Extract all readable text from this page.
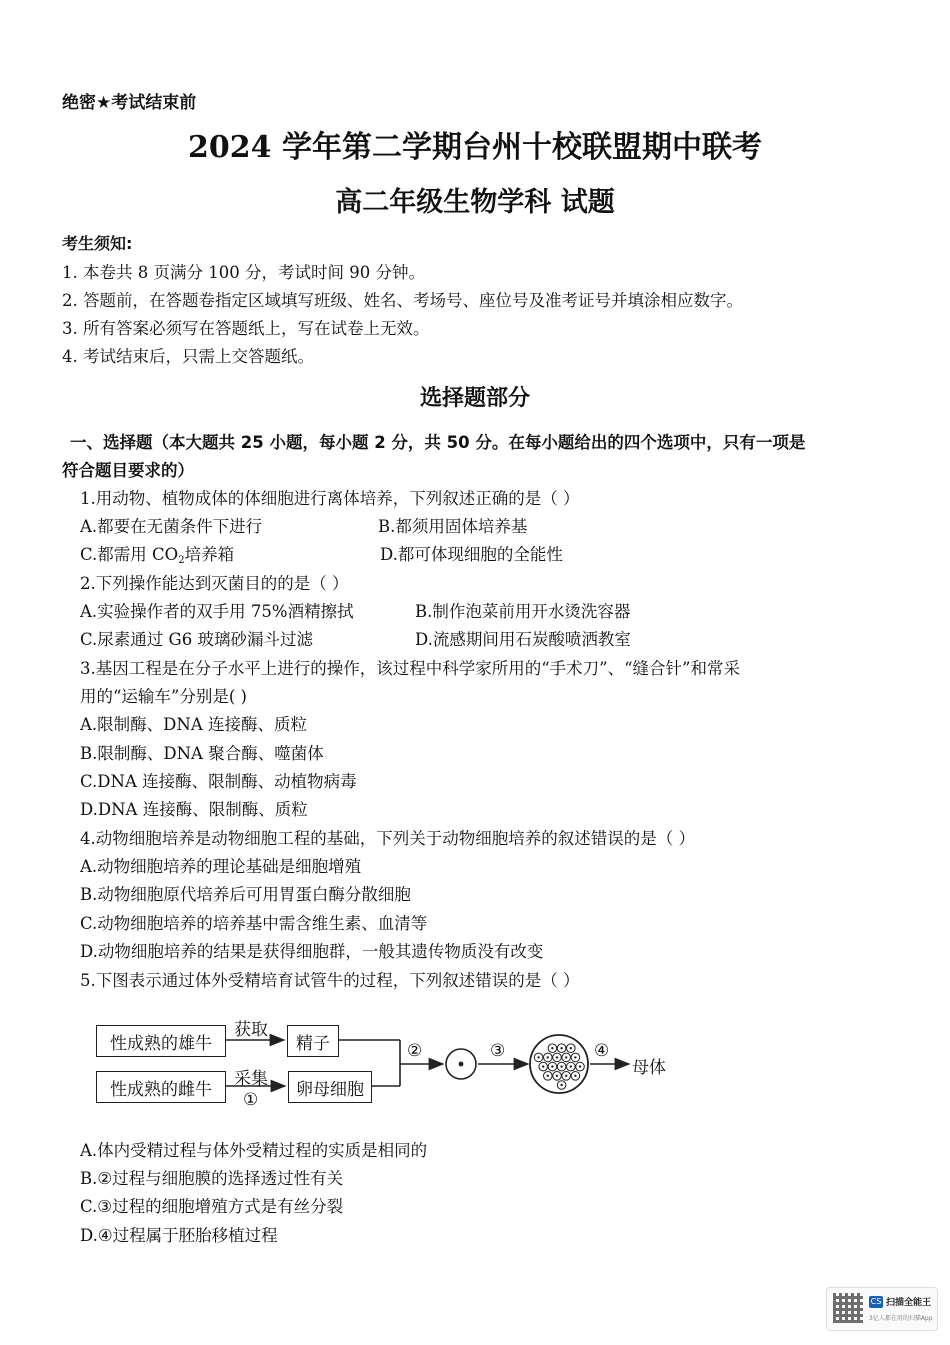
绝密★考试结束前
2024 学年第二学期台州十校联盟期中联考
高二年级生物学科 试题
考生须知:
1. 本卷共 8 页满分 100 分，考试时间 90 分钟。
2. 答题前，在答题卷指定区域填写班级、姓名、考场号、座位号及准考证号并填涂相应数字。
3. 所有答案必须写在答题纸上，写在试卷上无效。
4. 考试结束后，只需上交答题纸。
选择题部分
一、选择题（本大题共 25 小题，每小题 2 分，共 50 分。在每小题给出的四个选项中，只有一项是
符合题目要求的）
1.用动物、植物成体的体细胞进行离体培养，下列叙述正确的是（ ）
A.都要在无菌条件下进行	B.都须用固体培养基
C.都需用 $CO_2$培养箱	D.都可体现细胞的全能性
2.下列操作能达到灭菌目的的是（ ）
A.实验操作者的双手用 75%酒精擦拭	B.制作泡菜前用开水烫洗容器
C.尿素通过 G6 玻璃砂漏斗过滤	D.流感期间用石炭酸喷洒教室
3.基因工程是在分子水平上进行的操作，该过程中科学家所用的“手术刀”、“缝合针”和常采
用的“运输车”分别是( )
A.限制酶、DNA 连接酶、质粒
B.限制酶、DNA 聚合酶、噬菌体
C.DNA 连接酶、限制酶、动植物病毒
D.DNA 连接酶、限制酶、质粒
4.动物细胞培养是动物细胞工程的基础，下列关于动物细胞培养的叙述错误的是（ ）
A.动物细胞培养的理论基础是细胞增殖
B.动物细胞原代培养后可用胃蛋白酶分散细胞
C.动物细胞培养的培养基中需含维生素、血清等
D.动物细胞培养的结果是获得细胞群，一般其遗传物质没有改变
5.下图表示通过体外受精培育试管牛的过程，下列叙述错误的是（ ）
性成熟的雄牛
性成熟的雌牛
精子
卵母细胞
获取
采集
①
②	③	④
母体
A.体内受精过程与体外受精过程的实质是相同的
B.②过程与细胞膜的选择透过性有关
C.③过程的细胞增殖方式是有丝分裂
D.④过程属于胚胎移植过程
CS 扫描全能王
3亿人都在用的扫描App
